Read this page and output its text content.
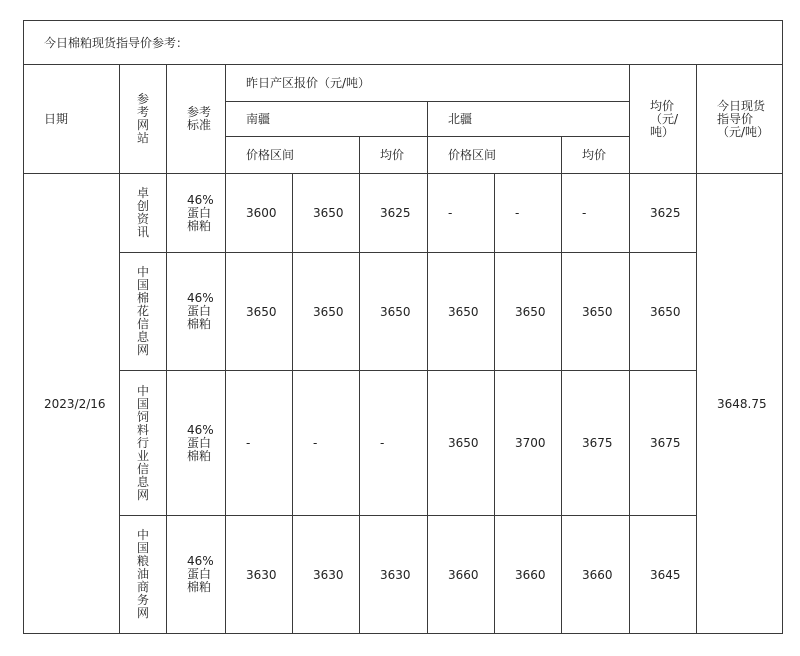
今日棉粕现货指导价参考：										
日期	参考网站	参考标准	昨日产区报价（元/吨）						均价（元/吨）	今日现货指导价（元/吨）
			南疆			北疆				
			价格区间		均价	价格区间		均价		
2023/2/16	卓创资讯	46%蛋白棉粕	3600	3650	3625	-	-	-	3625	3648.75
	中国棉花信息网	46%蛋白棉粕	3650	3650	3650	3650	3650	3650	3650	
	中国饲料行业信息网	46%蛋白棉粕	-	-	-	3650	3700	3675	3675	
	中国粮油商务网	46%蛋白棉粕	3630	3630	3630	3660	3660	3660	3645	
